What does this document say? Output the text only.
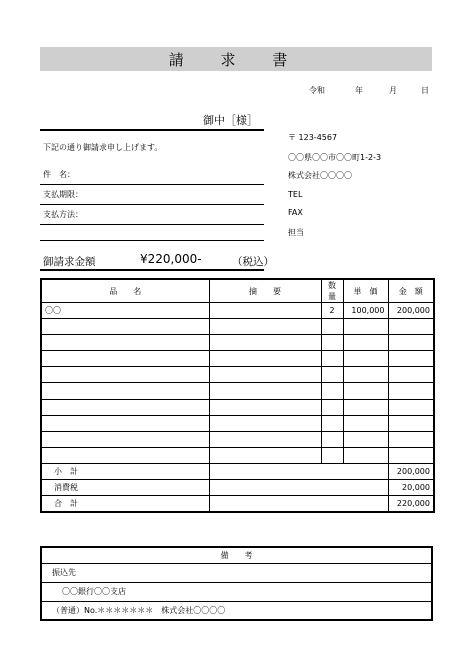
請 求 書
令和	年	月	日
御中［様］
下記の通り御請求申し上げます。
件　名：
支払期限：
支払方法：
〒 123-4567
〇〇県〇〇市〇〇町1-2-3
株式会社〇〇〇〇
TEL
FAX
担当
御請求金額	¥220,000-	（税込）
品　　名	摘　　要	数量	単　価	金　額
〇〇		2	100,000	200,000

小　計				200,000
消費税				20,000
合　計				220,000
備　　考
振込先
〇〇銀行〇〇支店
（普通）No.＊＊＊＊＊＊＊　株式会社〇〇〇〇
